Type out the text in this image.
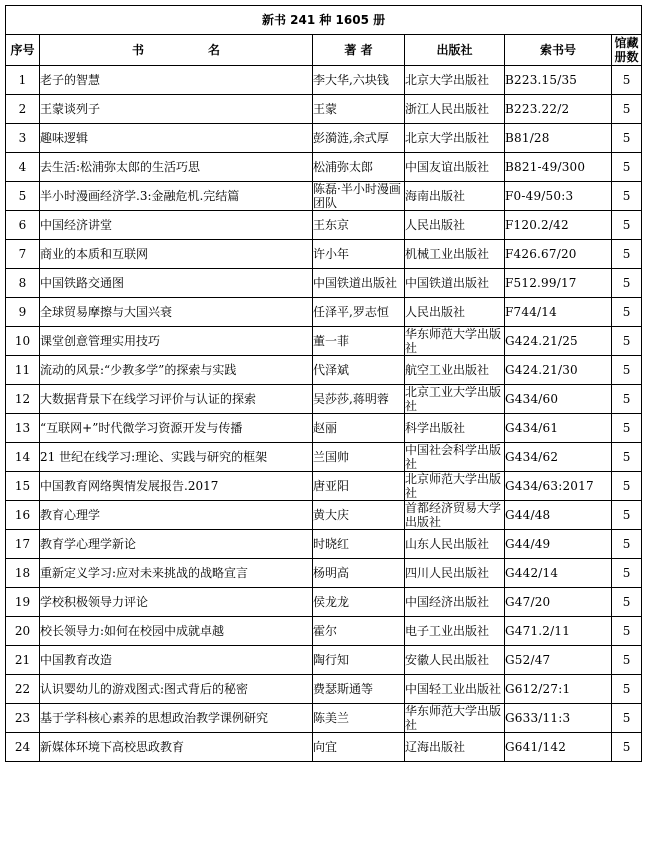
新书 241 种 1605 册					
序号	书 名	著 者	出版社	索书号	馆藏册数
1	老子的智慧	李大华,六块钱	北京大学出版社	B223.15/35	5
2	王蒙谈列子	王蒙	浙江人民出版社	B223.22/2	5
3	趣味逻辑	彭漪涟,余式厚	北京大学出版社	B81/28	5
4	去生活:松浦弥太郎的生活巧思	松浦弥太郎	中国友谊出版社	B821-49/300	5
5	半小时漫画经济学.3:金融危机.完结篇	陈磊·半小时漫画团队	海南出版社	F0-49/50:3	5
6	中国经济讲堂	王东京	人民出版社	F120.2/42	5
7	商业的本质和互联网	许小年	机械工业出版社	F426.67/20	5
8	中国铁路交通图	中国铁道出版社	中国铁道出版社	F512.99/17	5
9	全球贸易摩擦与大国兴衰	任泽平,罗志恒	人民出版社	F744/14	5
10	课堂创意管理实用技巧	董一菲	华东师范大学出版社	G424.21/25	5
11	流动的风景:“少教多学”的探索与实践	代泽斌	航空工业出版社	G424.21/30	5
12	大数据背景下在线学习评价与认证的探索	吴莎莎,蒋明蓉	北京工业大学出版社	G434/60	5
13	“互联网+”时代微学习资源开发与传播	赵丽	科学出版社	G434/61	5
14	21 世纪在线学习:理论、实践与研究的框架	兰国帅	中国社会科学出版社	G434/62	5
15	中国教育网络舆情发展报告.2017	唐亚阳	北京师范大学出版社	G434/63:2017	5
16	教育心理学	黄大庆	首都经济贸易大学出版社	G44/48	5
17	教育学心理学新论	时晓红	山东人民出版社	G44/49	5
18	重新定义学习:应对未来挑战的战略宣言	杨明高	四川人民出版社	G442/14	5
19	学校积极领导力评论	侯龙龙	中国经济出版社	G47/20	5
20	校长领导力:如何在校园中成就卓越	霍尔	电子工业出版社	G471.2/11	5
21	中国教育改造	陶行知	安徽人民出版社	G52/47	5
22	认识婴幼儿的游戏图式:图式背后的秘密	费瑟斯通等	中国轻工业出版社	G612/27:1	5
23	基于学科核心素养的思想政治教学课例研究	陈美兰	华东师范大学出版社	G633/11:3	5
24	新媒体环境下高校思政教育	向宜	辽海出版社	G641/142	5
